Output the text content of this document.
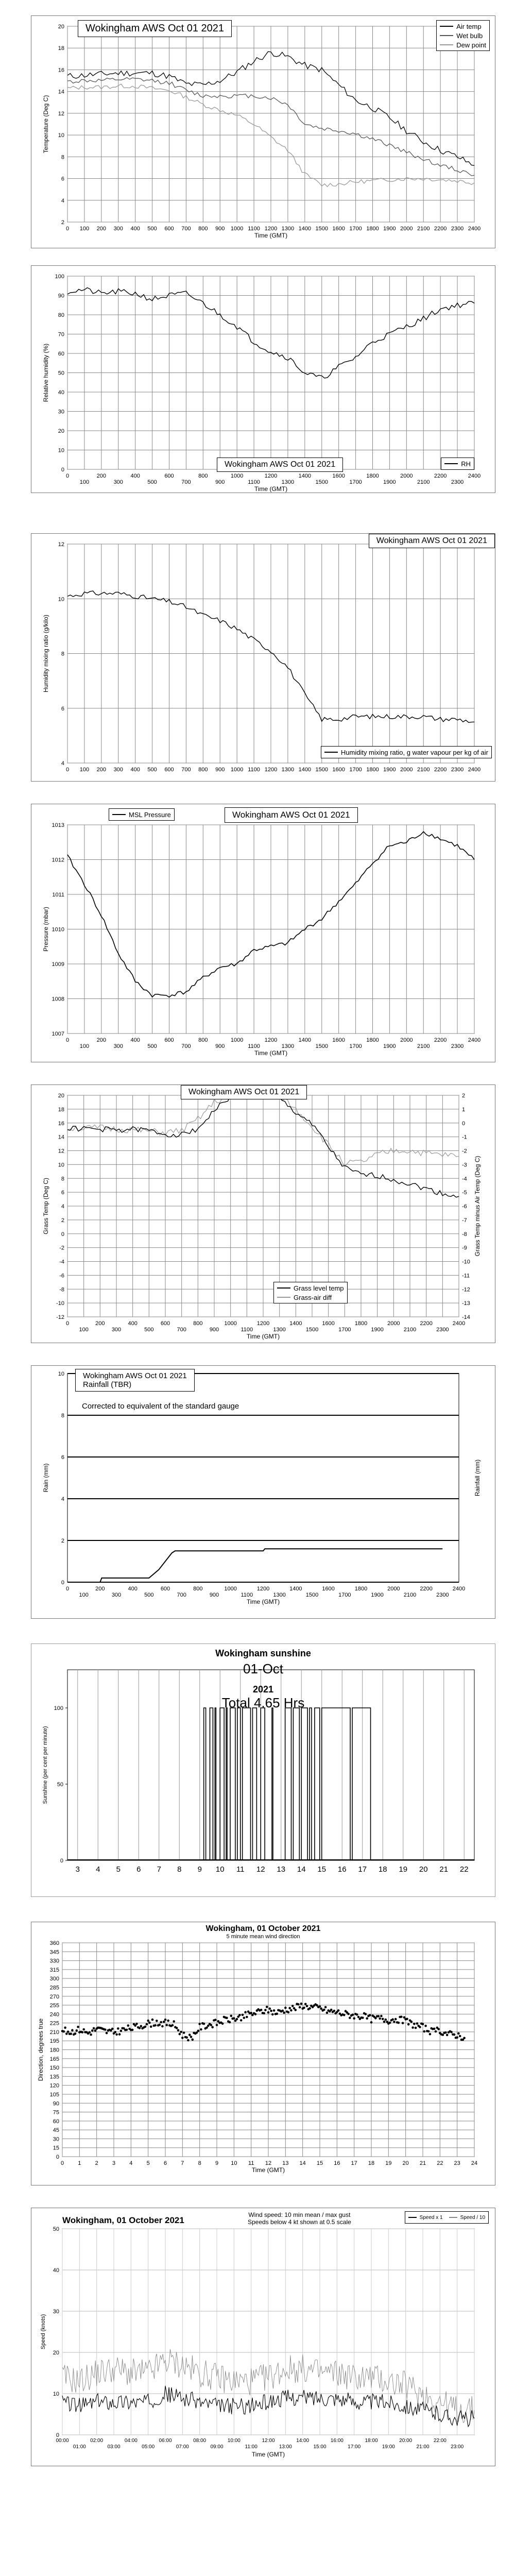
2
4
6
8
10
12
14
16
18
20
0 100 200 300 400 500 600 700 800 900 1000 1100 1200 1300 1400 1500 1600 1700 1800 1900 2000 2100 2200 2300 2400
Time (GMT)
Temperature (Deg C)
Wokingham AWS Oct 01 2021	Air temp
Wet bulb
Dew point
0
10
20
30
40
50
60
70
80
90
100
0
100
200
300
400
500
600
700
800
900
1000
1100
1200
1300
1400
1500
1600
1700
1800
1900
2000
2100
2200
2300
2400
Time (GMT)
Relative humidity (%)
Wokingham AWS Oct 01 2021	RH
4
6
8
10
12
0 100 200 300 400 500 600 700 800 900 1000 1100 1200 1300 1400 1500 1600 1700 1800 1900 2000 2100 2200 2300 2400
Humidity mixing ratio (g/kilo)
Wokingham AWS Oct 01 2021
Humidity mixing ratio, g water vapour per kg of air
1007
1008
1009
1010
1011
1012
1013
0
100
200
300
400
500
600
700
800
900
1000
1100
1200
1300
1400
1500
1600
1700
1800
1900
2000
2100
2200
2300
2400
Time (GMT)
Pressure (mbar)
MSL Pressure	Wokingham AWS Oct 01 2021
-12
-10
-8
-6
-4
-2
0
2
4
6
8
10
12
14
16
18
20
-14
-13
-12
-11
-10
-9
-8
-7
-6
-5
-4
-3
-2
-1
0
1
2
0
100
200
300
400
500
600
700
800
900
1000
1100
1200
1300
1400
1500
1600
1700
1800
1900
2000
2100
2200
2300
2400
Time (GMT)
Grass Temp (Deg C)	Grass Temp minus Air Temp (Deg C)
Wokingham AWS Oct 01 2021
Grass level temp
Grass-air diff
0
2
4
6
8
10
0
100
200
300
400
500
600
700
800
900
1000
1100
1200
1300
1400
1500
1600
1700
1800
1900
2000
2100
2200
2300
2400
Time (GMT)
Rain (mm)	Rainfall (mm)
Wokingham AWS Oct 01 2021
Rainfall (TBR)
Corrected to equivalent of the standard gauge
3 4 5 6 7 8 9 10 11 12 13 14 15 16 17 18 19 20 21 22
0
50
100
Sunshine (per cent per minute)
Wokingham sunshine
01-Oct
2021
Total 4.65 Hrs
0
15
30
45
60
75
90
105
120
135
150
165
180
195
210
225
240
255
270
285
300
315
330
345
360
0 1 2 3 4 5 6 7 8 9 10 11 12 13 14 15 16 17 18 19 20 21 22 23 24
Time (GMT)
Direction, degrees true
Wokingham, 01 October 2021
5 minute mean wind direction
0
10
20
30
40
50
00:00	02:00	04:00	06:00	08:00	10:00	12:00	14:00	16:00	18:00	20:00	22:00
01:00	03:00	05:00	07:00	09:00	11:00	13:00	15:00	17:00	19:00	21:00	23:00
Time (GMT)
Speed (knots)
Wokingham, 01 October 2021
Wind speed: 10 min mean / max gust
Speeds below 4 kt shown at 0.5 scale
Speed x 1	Speed / 10
